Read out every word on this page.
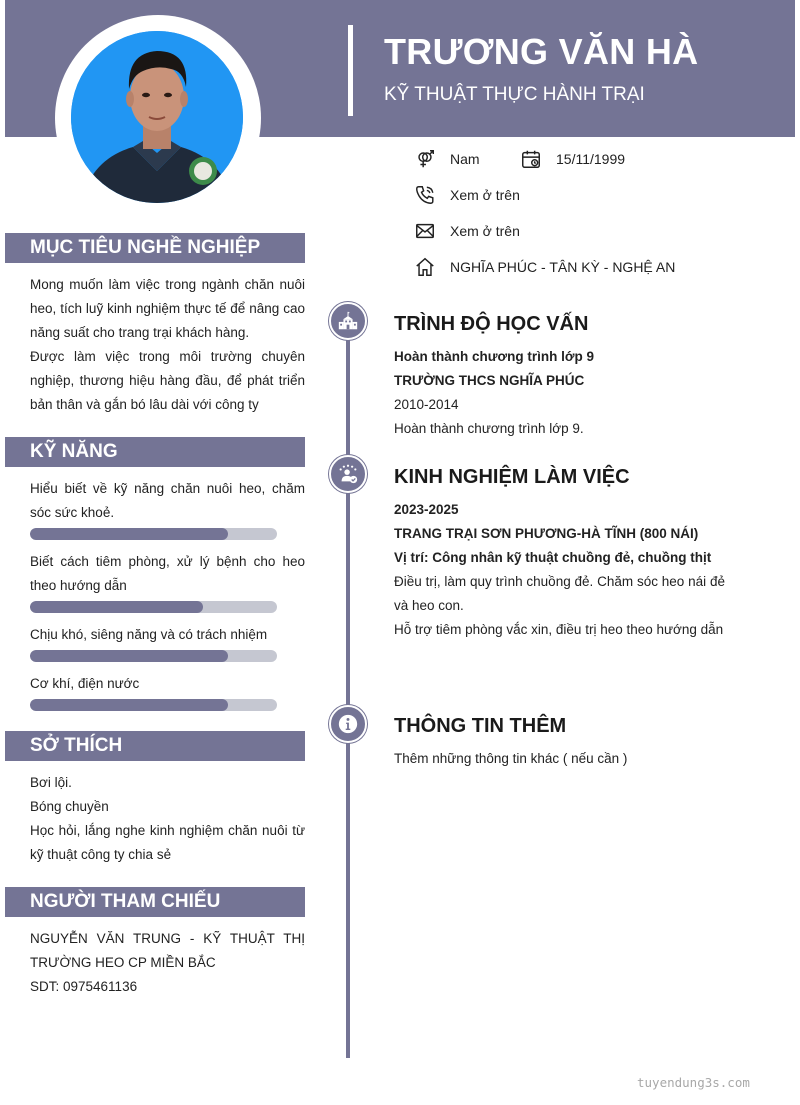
TRƯƠNG VĂN HÀ
KỸ THUẬT THỰC HÀNH TRẠI
Nam	15/11/1999
Xem ở trên
Xem ở trên
NGHĨA PHÚC - TÂN KỲ - NGHỆ AN
TRÌNH ĐỘ HỌC VẤN
Hoàn thành chương trình lớp 9
TRƯỜNG THCS NGHĨA PHÚC
2010-2014
Hoàn thành chương trình lớp 9.
KINH NGHIỆM LÀM VIỆC
2023-2025
TRANG TRẠI SƠN PHƯƠNG-HÀ TĨNH (800 NÁI)
Vị trí: Công nhân kỹ thuật chuồng đẻ, chuồng thịt
Điều trị, làm quy trình chuồng đẻ. Chăm sóc heo nái đẻ và heo con.
Hỗ trợ tiêm phòng vắc xin, điều trị heo theo hướng dẫn
THÔNG TIN THÊM
Thêm những thông tin khác ( nếu cần )
MỤC TIÊU NGHỀ NGHIỆP
Mong muốn làm việc trong ngành chăn nuôi heo, tích luỹ kinh nghiệm thực tế để nâng cao năng suất cho trang trại khách hàng.
Được làm việc trong môi trường chuyên nghiệp, thương hiệu hàng đầu, để phát triển bản thân và gắn bó lâu dài với công ty
KỸ NĂNG
Hiểu biết về kỹ năng chăn nuôi heo, chăm sóc sức khoẻ.
Biết cách tiêm phòng, xử lý bệnh cho heo theo hướng dẫn
Chịu khó, siêng năng và có trách nhiệm
Cơ khí, điện nước
SỞ THÍCH
Bơi lội.
Bóng chuyền
Học hỏi, lắng nghe kinh nghiệm chăn nuôi từ kỹ thuật công ty chia sẻ
NGƯỜI THAM CHIẾU
NGUYỄN VĂN TRUNG - KỸ THUẬT THỊ TRƯỜNG HEO CP MIỀN BẮC
SDT: 0975461136
tuyendung3s.com
